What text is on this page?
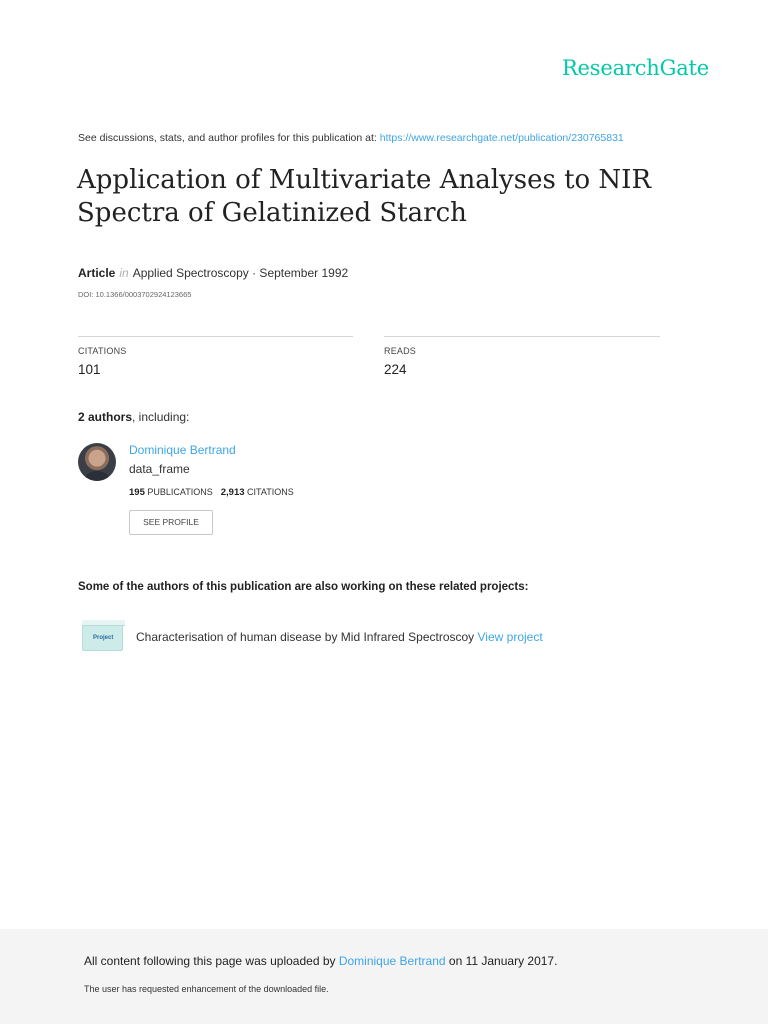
ResearchGate
See discussions, stats, and author profiles for this publication at: https://www.researchgate.net/publication/230765831
Application of Multivariate Analyses to NIR Spectra of Gelatinized Starch
Article in Applied Spectroscopy · September 1992
DOI: 10.1366/0003702924123665
CITATIONS
101
READS
224
2 authors, including:
Dominique Bertrand
data_frame
195 PUBLICATIONS 2,913 CITATIONS
SEE PROFILE
Some of the authors of this publication are also working on these related projects:
Project	Characterisation of human disease by Mid Infrared Spectroscoy View project
All content following this page was uploaded by Dominique Bertrand on 11 January 2017.
The user has requested enhancement of the downloaded file.
